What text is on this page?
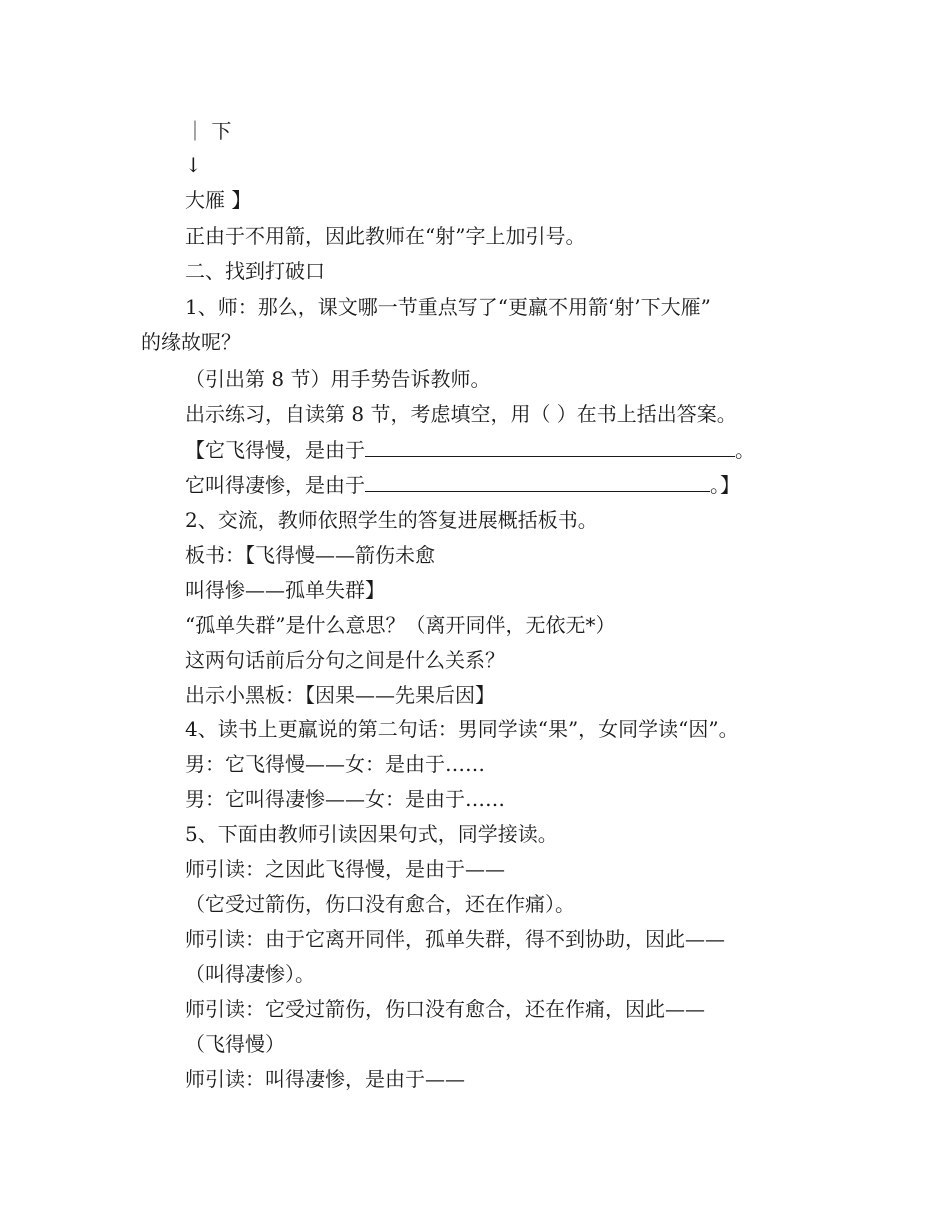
｜ 下
↓
大雁 】
正由于不用箭，因此教师在“射”字上加引号。
二、找到打破口
1、师：那么，课文哪一节重点写了“更羸不用箭‘射’下大雁”
的缘故呢？
（引出第 8 节）用手势告诉教师。
出示练习，自读第 8 节，考虑填空，用（ ）在书上括出答案。
【它飞得慢，是由于	。
它叫得凄惨，是由于	。】
2、交流，教师依照学生的答复进展概括板书。
板书：【飞得慢——箭伤未愈
叫得惨——孤单失群】
“孤单失群”是什么意思？（离开同伴，无依无*）
这两句话前后分句之间是什么关系？
出示小黑板：【因果——先果后因】
4、读书上更羸说的第二句话：男同学读“果”，女同学读“因”。
男：它飞得慢——女：是由于……
男：它叫得凄惨——女：是由于……
5、下面由教师引读因果句式，同学接读。
师引读：之因此飞得慢，是由于——
（它受过箭伤，伤口没有愈合，还在作痛）。
师引读：由于它离开同伴，孤单失群，得不到协助，因此——
（叫得凄惨）。
师引读：它受过箭伤，伤口没有愈合，还在作痛，因此——
（飞得慢）
师引读：叫得凄惨，是由于——
